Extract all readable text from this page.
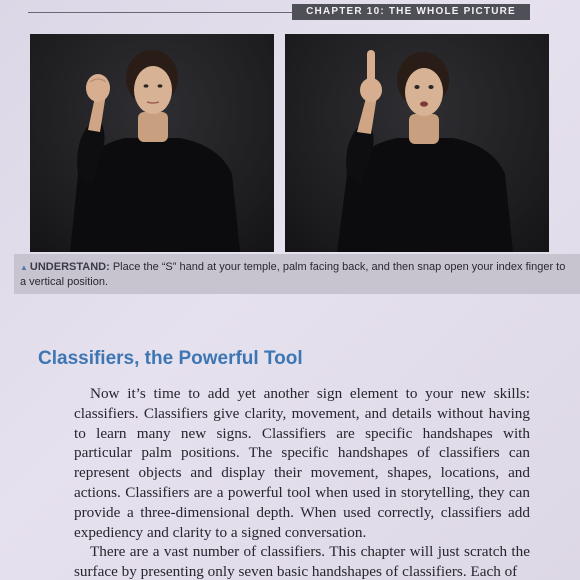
CHAPTER 10: THE WHOLE PICTURE
▲ UNDERSTAND: Place the “S” hand at your temple, palm facing back, and then snap open your index finger to a vertical position.
Classifiers, the Powerful Tool

Now it’s time to add yet another sign element to your new skills: classifiers. Classifiers give clarity, movement, and details without having to learn many new signs. Classifiers are specific handshapes with particular palm positions. The specific handshapes of classifiers can represent objects and display their movement, shapes, locations, and actions. Classifiers are a powerful tool when used in storytelling, they can provide a three-dimensional depth. When used correctly, classifiers add expediency and clarity to a signed conversation.

There are a vast number of classifiers. This chapter will just scratch the surface by presenting only seven basic handshapes of classifiers. Each of
